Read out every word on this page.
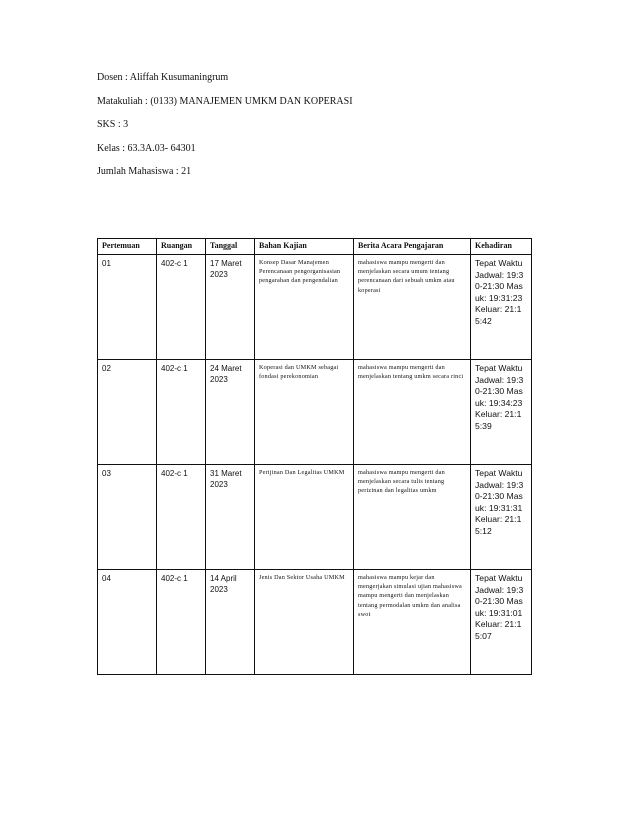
Dosen : Aliffah Kusumaningrum
Matakuliah : (0133) MANAJEMEN UMKM DAN KOPERASI
SKS : 3
Kelas : 63.3A.03- 64301
Jumlah Mahasiswa : 21
Pertemuan	Ruangan	Tanggal	Bahan Kajian	Berita Acara Pengajaran	Kehadiran
01	402-c 1	17 Maret 2023	Konsep Dasar Manajemen Perencanaan pengorganisasian pengarahan dan pengendalian	mahasiswa mampu mengerti dan menjelaskan secara umum tentang perencanaan dari sebuah umkm atau koperasi	Tepat Waktu Jadwal: 19:30-21:30 Masuk: 19:31:23 Keluar: 21:15:42
02	402-c 1	24 Maret 2023	Koperasi dan UMKM sebagai fondasi perekonomian	mahasiswa mampu mengerti dan menjelaskan tentang umkm secara rinci	Tepat Waktu Jadwal: 19:30-21:30 Masuk: 19:34:23 Keluar: 21:15:39
03	402-c 1	31 Maret 2023	Perijinan Dan Legalitas UMKM	mahasiswa mampu mengerti dan menjelaskan secara tulis tentang perizinan dan legalitas umkm	Tepat Waktu Jadwal: 19:30-21:30 Masuk: 19:31:31 Keluar: 21:15:12
04	402-c 1	14 April 2023	Jenis Dan Sektor Usaha UMKM	mahasiswa mampu kejar dan mengerjakan simulasi ujian mahasiswa mampu mengerti dan menjelaskan tentang permodalan umkm dan analisa swot	Tepat Waktu Jadwal: 19:30-21:30 Masuk: 19:31:01 Keluar: 21:15:07
